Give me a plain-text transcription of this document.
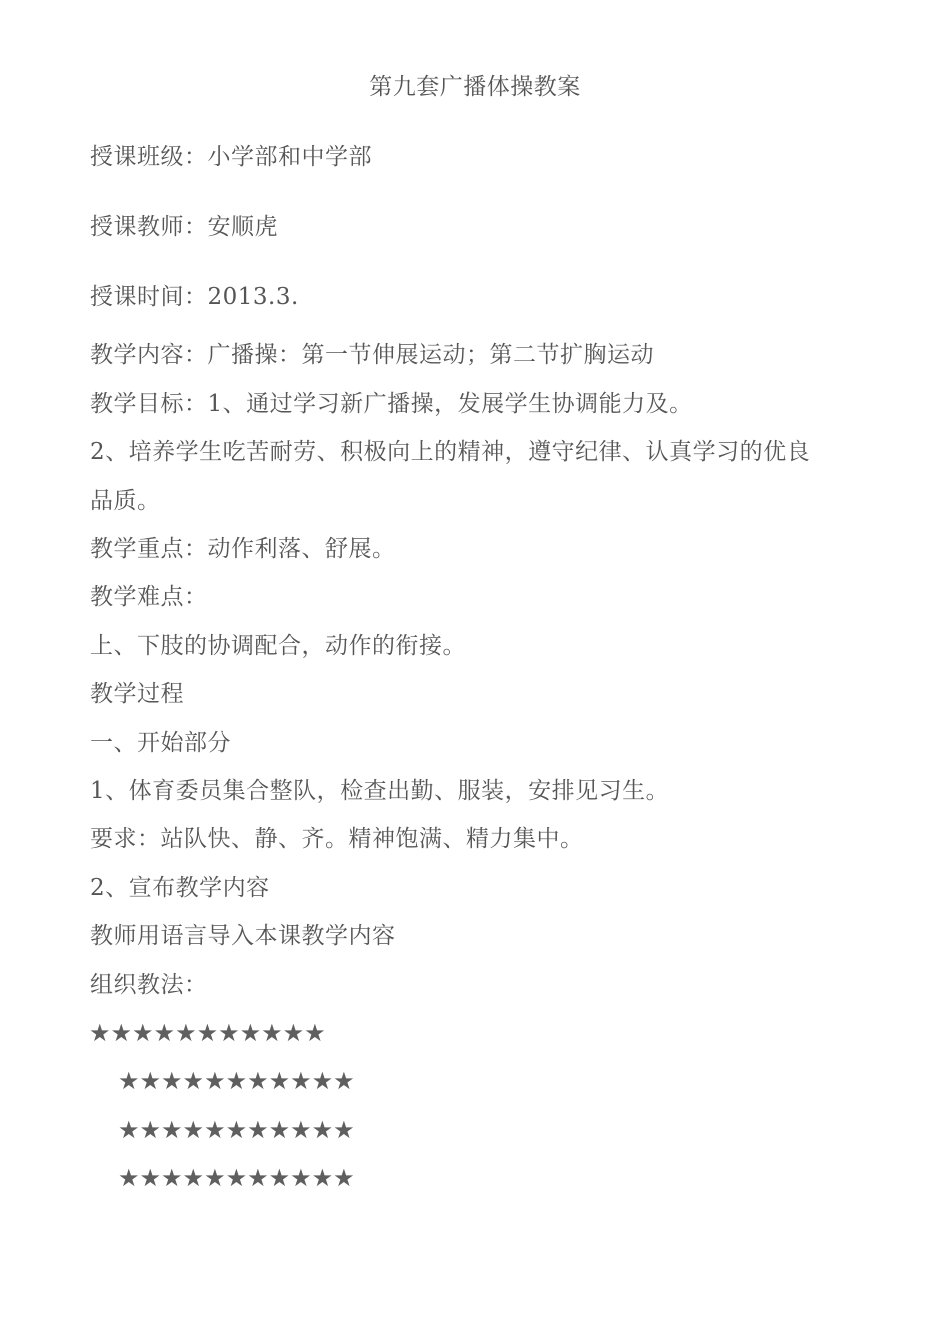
第九套广播体操教案
授课班级：小学部和中学部
授课教师：安顺虎
授课时间：2013.3.
教学内容：广播操：第一节伸展运动；第二节扩胸运动
教学目标：1、通过学习新广播操，发展学生协调能力及。
2、培养学生吃苦耐劳、积极向上的精神，遵守纪律、认真学习的优良
品质。
教学重点：动作利落、舒展。
教学难点：
上、下肢的协调配合，动作的衔接。
教学过程
一、开始部分
1、体育委员集合整队，检查出勤、服装，安排见习生。
要求：站队快、静、齐。精神饱满、精力集中。
2、宣布教学内容
教师用语言导入本课教学内容
组织教法：
★★★★★★★★★★★
★★★★★★★★★★★
★★★★★★★★★★★
★★★★★★★★★★★
